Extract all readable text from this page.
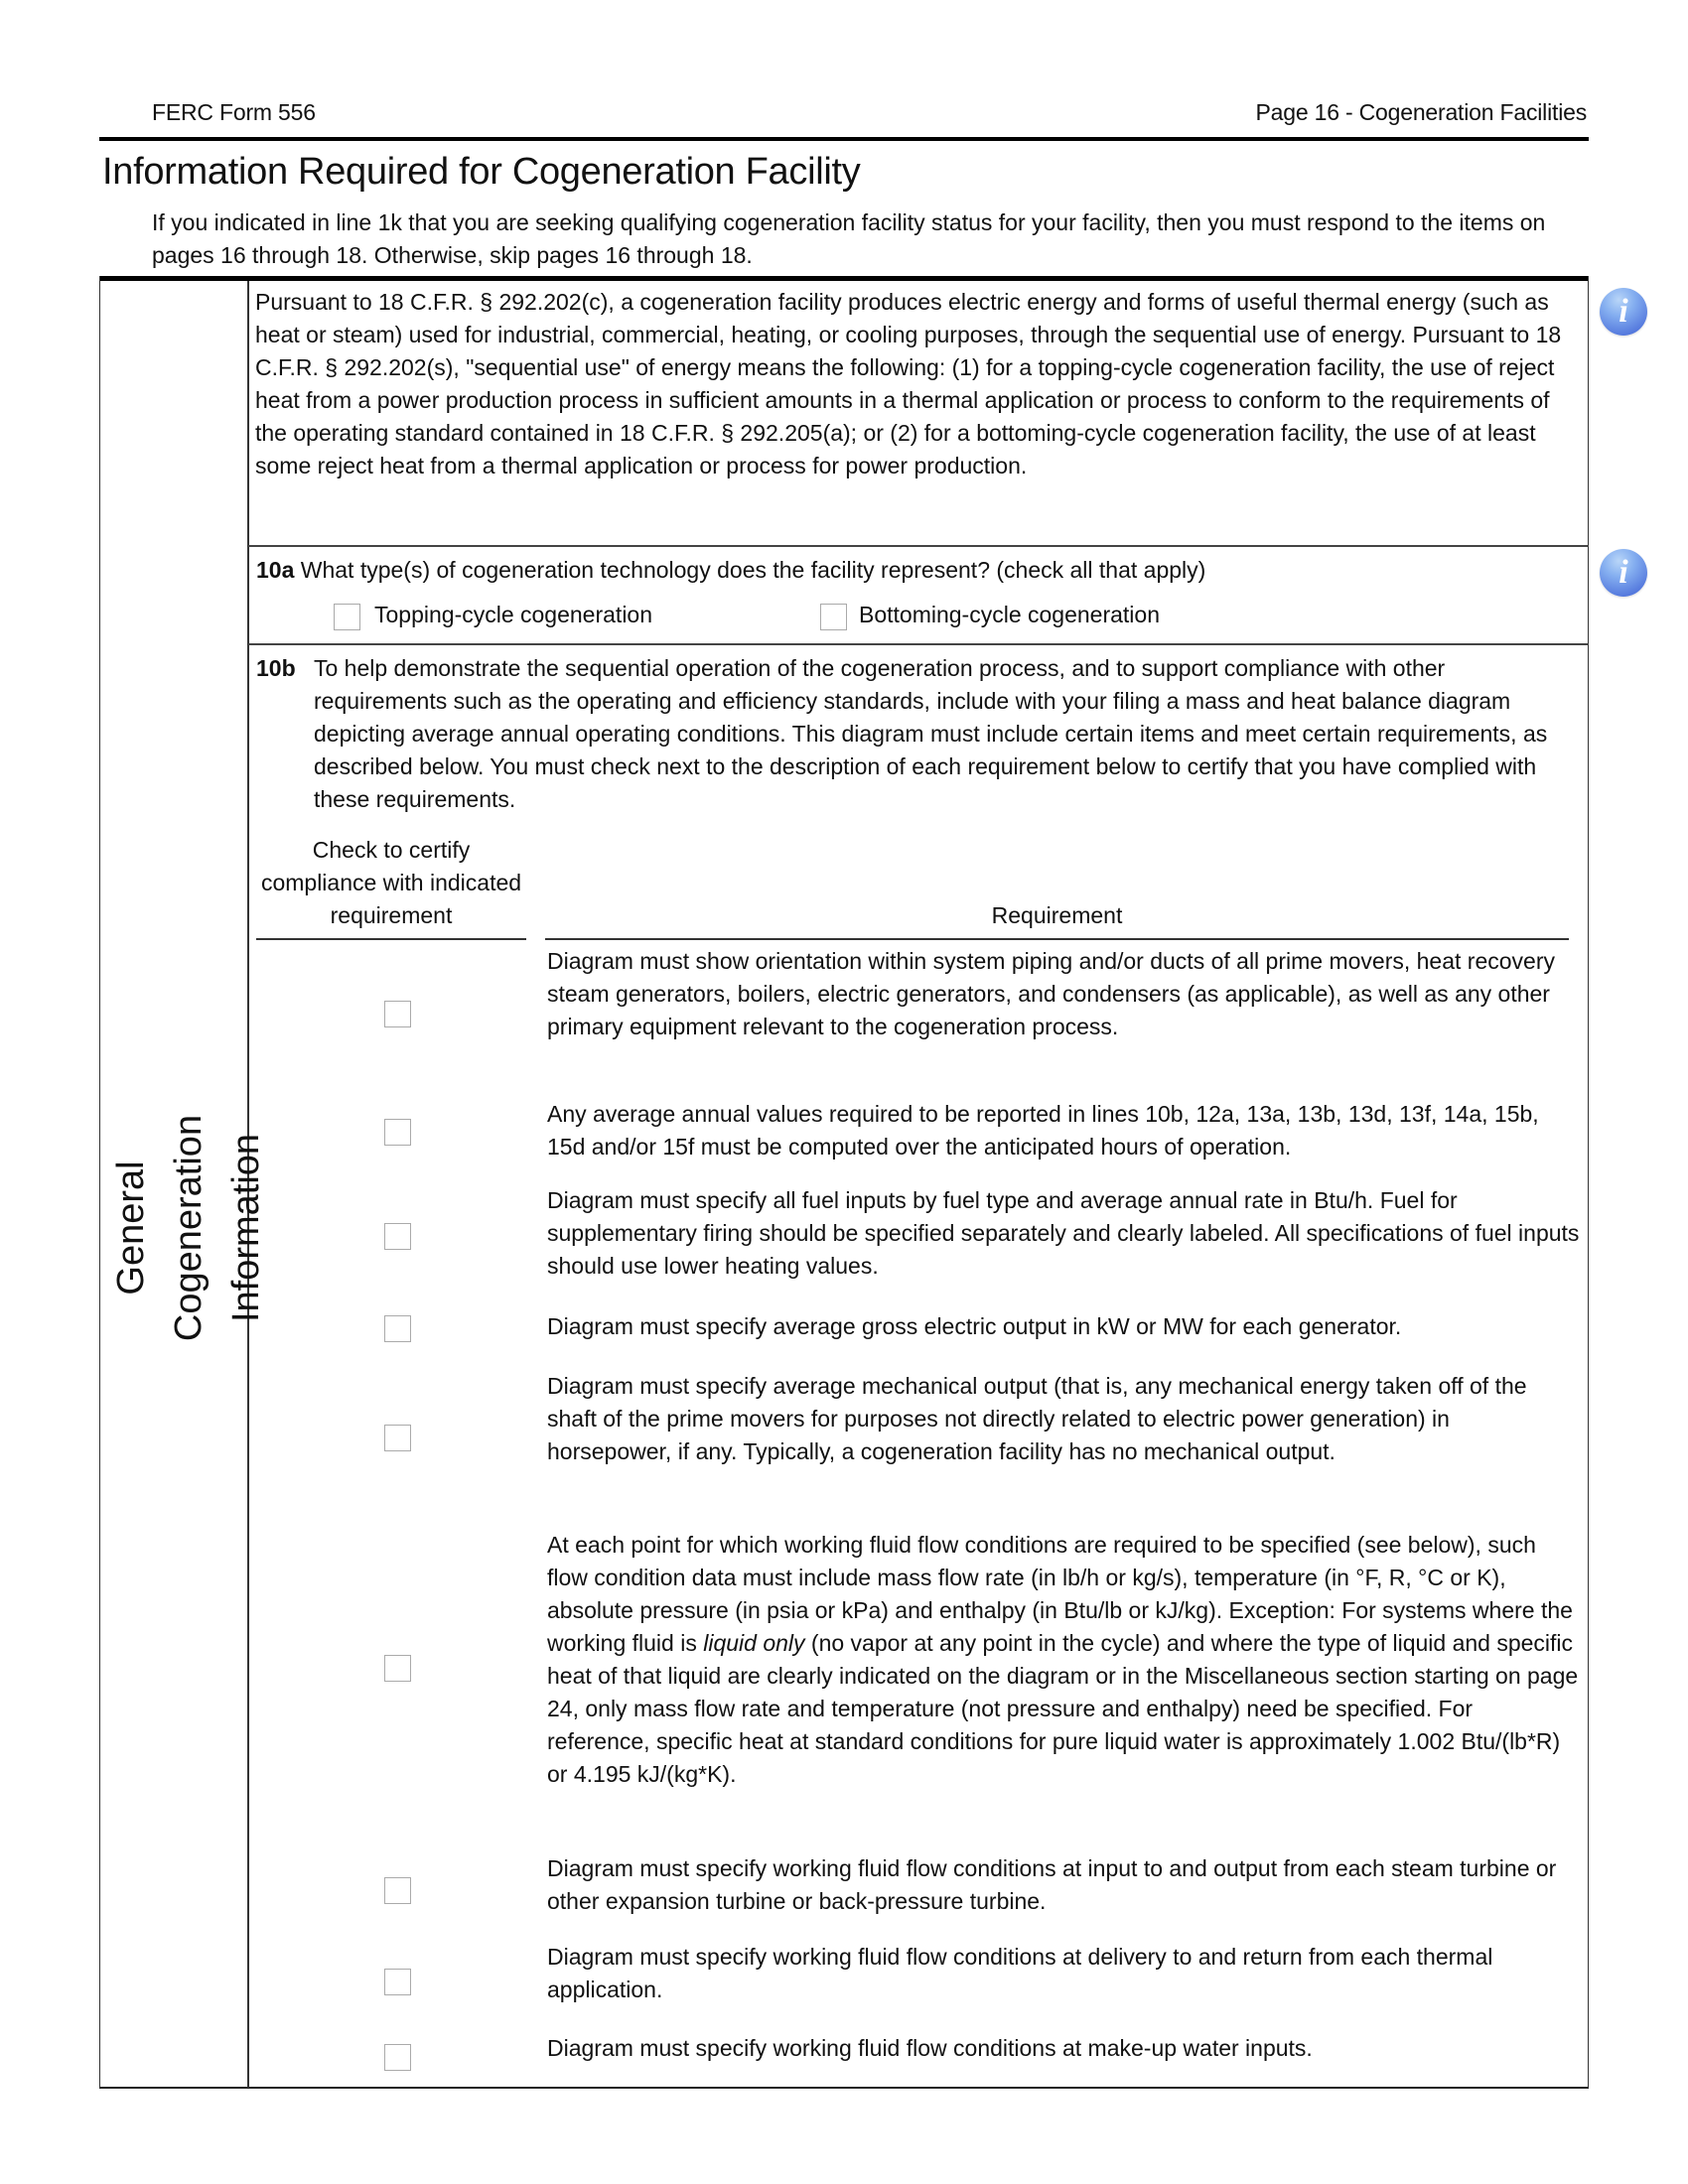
FERC Form 556	Page 16 - Cogeneration Facilities
Information Required for Cogeneration Facility
If you indicated in line 1k that you are seeking qualifying cogeneration facility status for your facility, then you must respond to the items on pages 16 through 18. Otherwise, skip pages 16 through 18.
General Cogeneration Information
Pursuant to 18 C.F.R. § 292.202(c), a cogeneration facility produces electric energy and forms of useful thermal energy (such as heat or steam) used for industrial, commercial, heating, or cooling purposes, through the sequential use of energy. Pursuant to 18 C.F.R. § 292.202(s), "sequential use" of energy means the following: (1) for a topping-cycle cogeneration facility, the use of reject heat from a power production process in sufficient amounts in a thermal application or process to conform to the requirements of the operating standard contained in 18 C.F.R. § 292.205(a); or (2) for a bottoming-cycle cogeneration facility, the use of at least some reject heat from a thermal application or process for power production.
i
i
10a What type(s) of cogeneration technology does the facility represent? (check all that apply)
Topping-cycle cogeneration	Bottoming-cycle cogeneration
10b To help demonstrate the sequential operation of the cogeneration process, and to support compliance with other requirements such as the operating and efficiency standards, include with your filing a mass and heat balance diagram depicting average annual operating conditions. This diagram must include certain items and meet certain requirements, as described below. You must check next to the description of each requirement below to certify that you have complied with these requirements.
Check to certify compliance with indicated requirement	Requirement
Diagram must show orientation within system piping and/or ducts of all prime movers, heat recovery steam generators, boilers, electric generators, and condensers (as applicable), as well as any other primary equipment relevant to the cogeneration process.
Any average annual values required to be reported in lines 10b, 12a, 13a, 13b, 13d, 13f, 14a, 15b, 15d and/or 15f must be computed over the anticipated hours of operation.
Diagram must specify all fuel inputs by fuel type and average annual rate in Btu/h. Fuel for supplementary firing should be specified separately and clearly labeled. All specifications of fuel inputs should use lower heating values.
Diagram must specify average gross electric output in kW or MW for each generator.
Diagram must specify average mechanical output (that is, any mechanical energy taken off of the shaft of the prime movers for purposes not directly related to electric power generation) in horsepower, if any. Typically, a cogeneration facility has no mechanical output.
At each point for which working fluid flow conditions are required to be specified (see below), such flow condition data must include mass flow rate (in lb/h or kg/s), temperature (in °F, R, °C or K), absolute pressure (in psia or kPa) and enthalpy (in Btu/lb or kJ/kg). Exception: For systems where the working fluid is liquid only (no vapor at any point in the cycle) and where the type of liquid and specific heat of that liquid are clearly indicated on the diagram or in the Miscellaneous section starting on page 24, only mass flow rate and temperature (not pressure and enthalpy) need be specified. For reference, specific heat at standard conditions for pure liquid water is approximately 1.002 Btu/(lb*R) or 4.195 kJ/(kg*K).
Diagram must specify working fluid flow conditions at input to and output from each steam turbine or other expansion turbine or back-pressure turbine.
Diagram must specify working fluid flow conditions at delivery to and return from each thermal application.
Diagram must specify working fluid flow conditions at make-up water inputs.
